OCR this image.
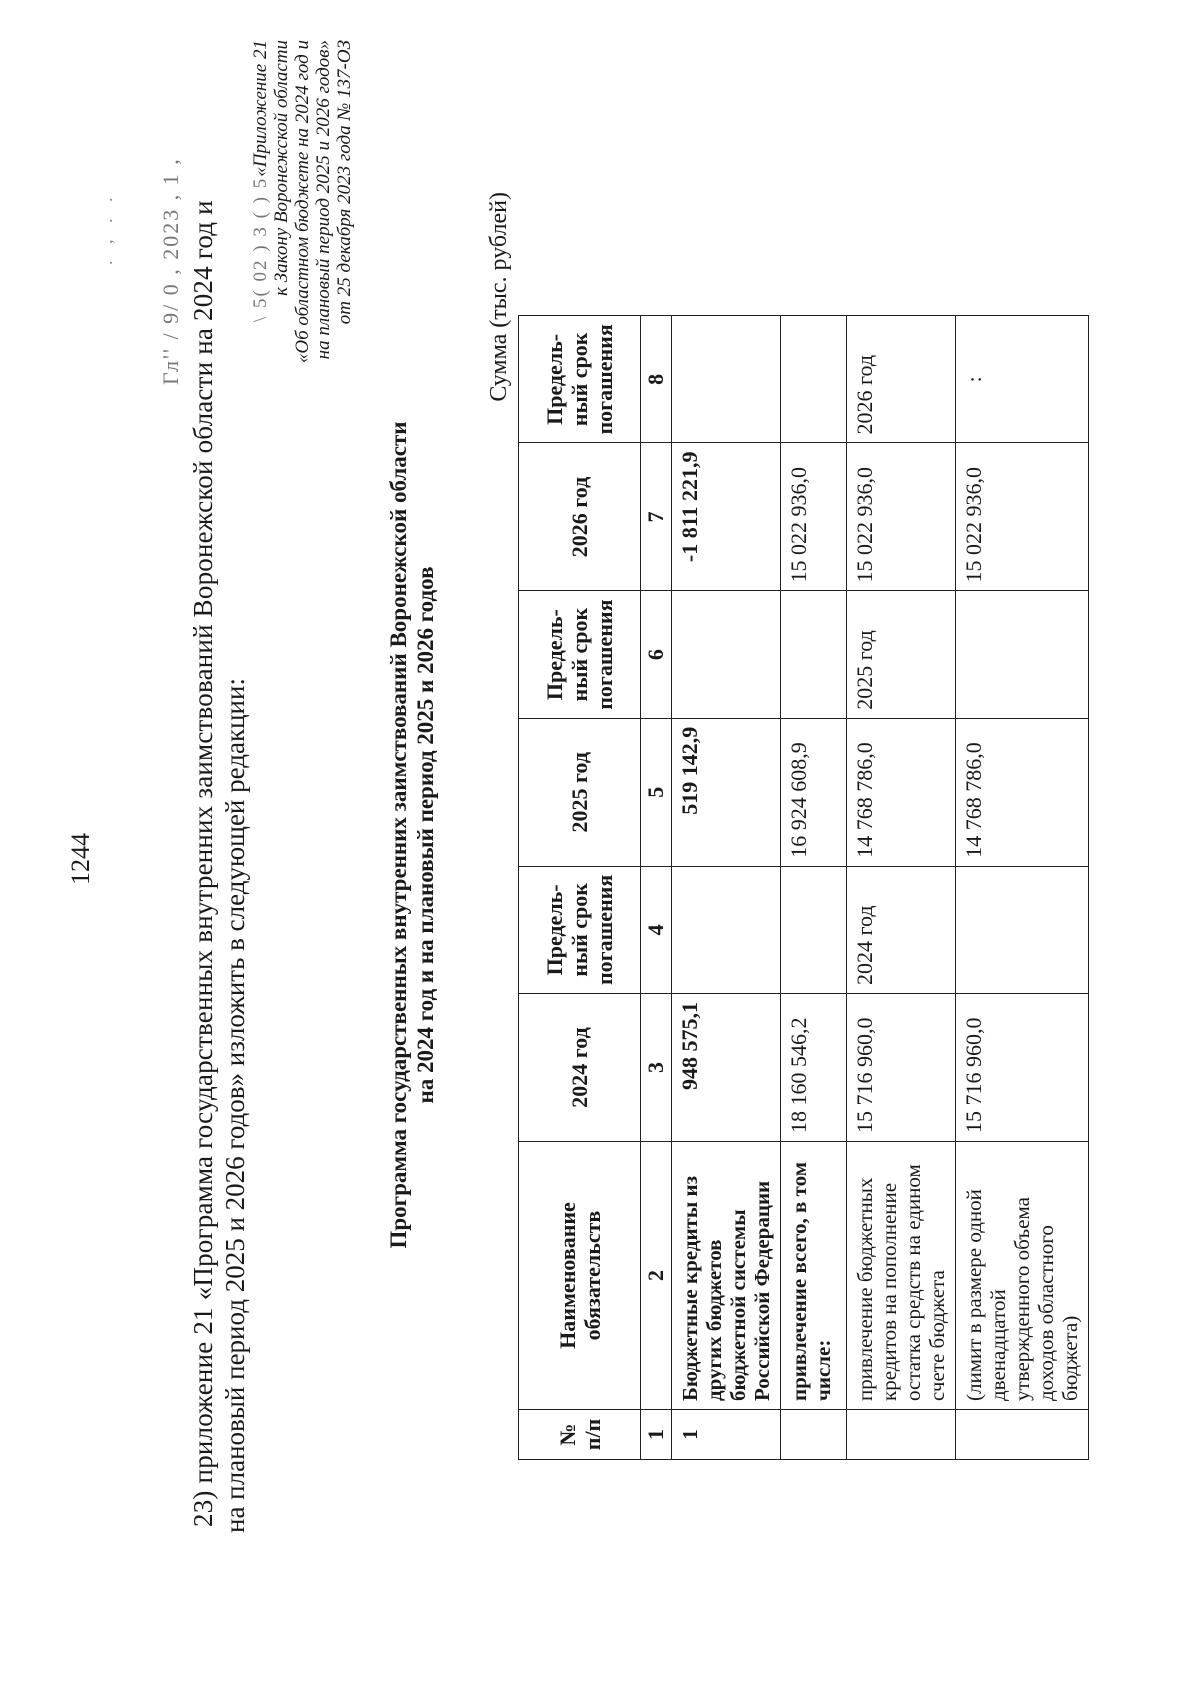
. , . . Гл'' / 9/ 0 , 2023 , 1 ,
1244	23) приложение 21 «Программа государственных внутренних заимствований Воронежской области на 2024 год и на плановый период 2025 и 2026 годов» изложить в следующей редакции:
\ 5( 02 ) 3 ( ) 5«Приложение 21 к Закону Воронежской области «Об областном бюджете на 2024 год и на плановый период 2025 и 2026 годов» от 25 декабря 2023 года № 137-ОЗ
Программа государственных внутренних заимствований Воронежской области на 2024 год и на плановый период 2025 и 2026 годов
Сумма (тыс. рублей)
№ п/п	Наименование обязательств	2024 год	Предель-ный срок погашения	2025 год	Предель-ный срок погашения	2026 год	Предель-ный срок погашения
1	2	3	4	5	6	7	8
1	Бюджетные кредиты из других бюджетов бюджетной системы Российской Федерации	948 575,1		519 142,9		-1 811 221,9	
	привлечение всего, в том числе:	18 160 546,2		16 924 608,9		15 022 936,0	
	привлечение бюджетных кредитов на пополнение остатка средств на едином счете бюджета	15 716 960,0	2024 год	14 768 786,0	2025 год	15 022 936,0	2026 год
	(лимит в размере одной двенадцатой утвержденного объема доходов областного бюджета)	15 716 960,0		14 768 786,0		15 022 936,0	:
